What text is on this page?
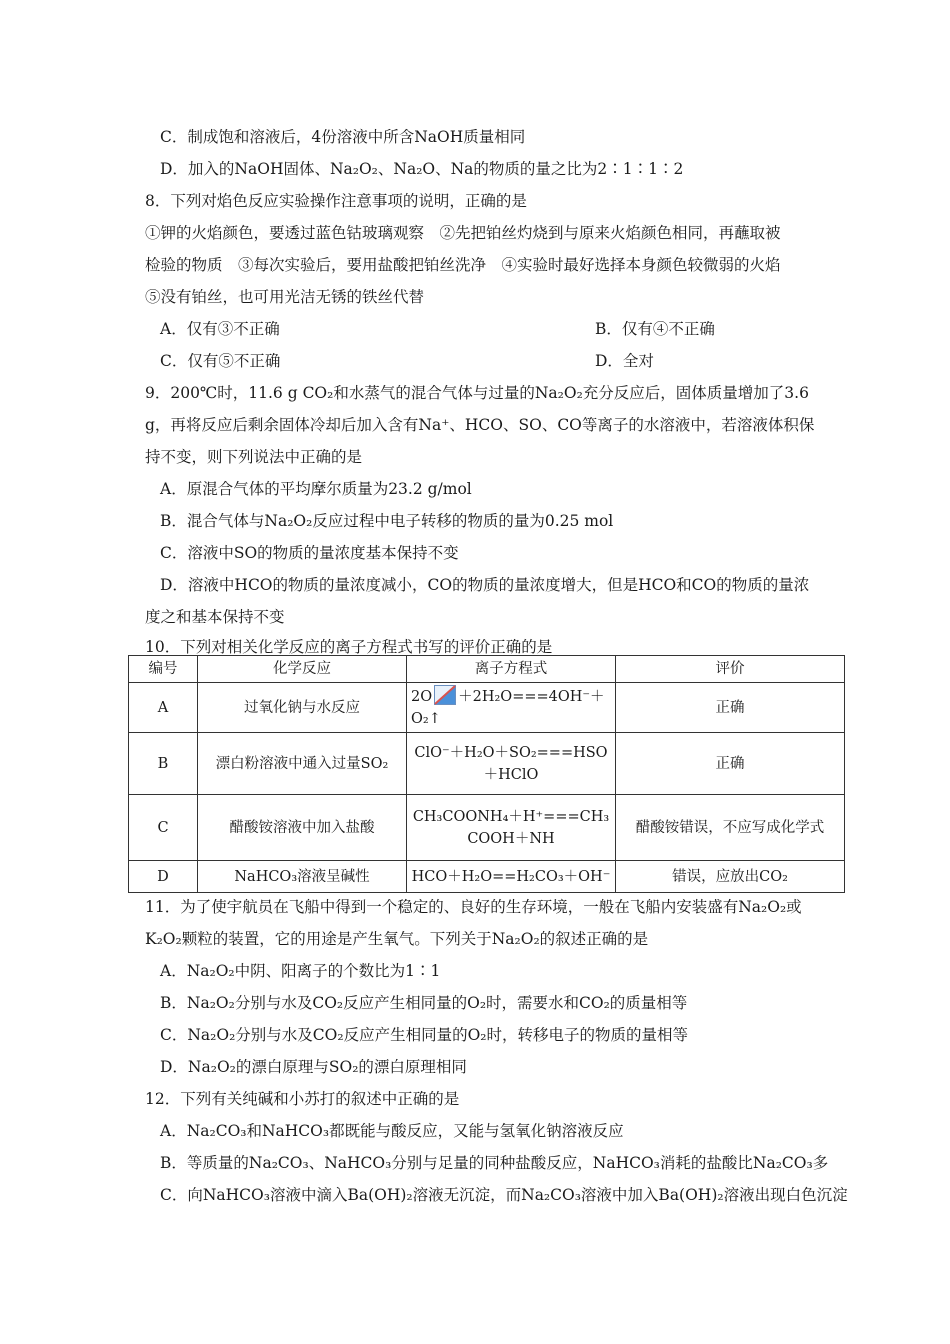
C．制成饱和溶液后，4份溶液中所含NaOH质量相同
D．加入的NaOH固体、Na₂O₂、Na₂O、Na的物质的量之比为2∶1∶1∶2
8．下列对焰色反应实验操作注意事项的说明，正确的是
①钾的火焰颜色，要透过蓝色钴玻璃观察　②先把铂丝灼烧到与原来火焰颜色相同，再蘸取被
检验的物质　③每次实验后，要用盐酸把铂丝洗净　④实验时最好选择本身颜色较微弱的火焰
⑤没有铂丝，也可用光洁无锈的铁丝代替
A．仅有③不正确	B．仅有④不正确
C．仅有⑤不正确	D．全对
9．200℃时，11.6 g CO₂和水蒸气的混合气体与过量的Na₂O₂充分反应后，固体质量增加了3.6
g，再将反应后剩余固体冷却后加入含有Na⁺、HCO、SO、CO等离子的水溶液中，若溶液体积保
持不变，则下列说法中正确的是
A．原混合气体的平均摩尔质量为23.2 g/mol
B．混合气体与Na₂O₂反应过程中电子转移的物质的量为0.25 mol
C．溶液中SO的物质的量浓度基本保持不变
D．溶液中HCO的物质的量浓度减小，CO的物质的量浓度增大，但是HCO和CO的物质的量浓
度之和基本保持不变
10．下列对相关化学反应的离子方程式书写的评价正确的是
编号	化学反应	离子方程式	评价
A	过氧化钠与水反应	2O ＋2H₂O===4OH⁻＋O₂↑	正确
B	漂白粉溶液中通入过量SO₂	ClO⁻＋H₂O＋SO₂===HSO＋HClO	正确
C	醋酸铵溶液中加入盐酸	CH₃COONH₄＋H⁺===CH₃COOH＋NH	醋酸铵错误，不应写成化学式
D	NaHCO₃溶液呈碱性	HCO＋H₂O==H₂CO₃＋OH⁻	错误，应放出CO₂
11．为了使宇航员在飞船中得到一个稳定的、良好的生存环境，一般在飞船内安装盛有Na₂O₂或
K₂O₂颗粒的装置，它的用途是产生氧气。下列关于Na₂O₂的叙述正确的是
A．Na₂O₂中阴、阳离子的个数比为1∶1
B．Na₂O₂分别与水及CO₂反应产生相同量的O₂时，需要水和CO₂的质量相等
C．Na₂O₂分别与水及CO₂反应产生相同量的O₂时，转移电子的物质的量相等
D．Na₂O₂的漂白原理与SO₂的漂白原理相同
12．下列有关纯碱和小苏打的叙述中正确的是
A．Na₂CO₃和NaHCO₃都既能与酸反应，又能与氢氧化钠溶液反应
B．等质量的Na₂CO₃、NaHCO₃分别与足量的同种盐酸反应，NaHCO₃消耗的盐酸比Na₂CO₃多
C．向NaHCO₃溶液中滴入Ba(OH)₂溶液无沉淀，而Na₂CO₃溶液中加入Ba(OH)₂溶液出现白色沉淀
